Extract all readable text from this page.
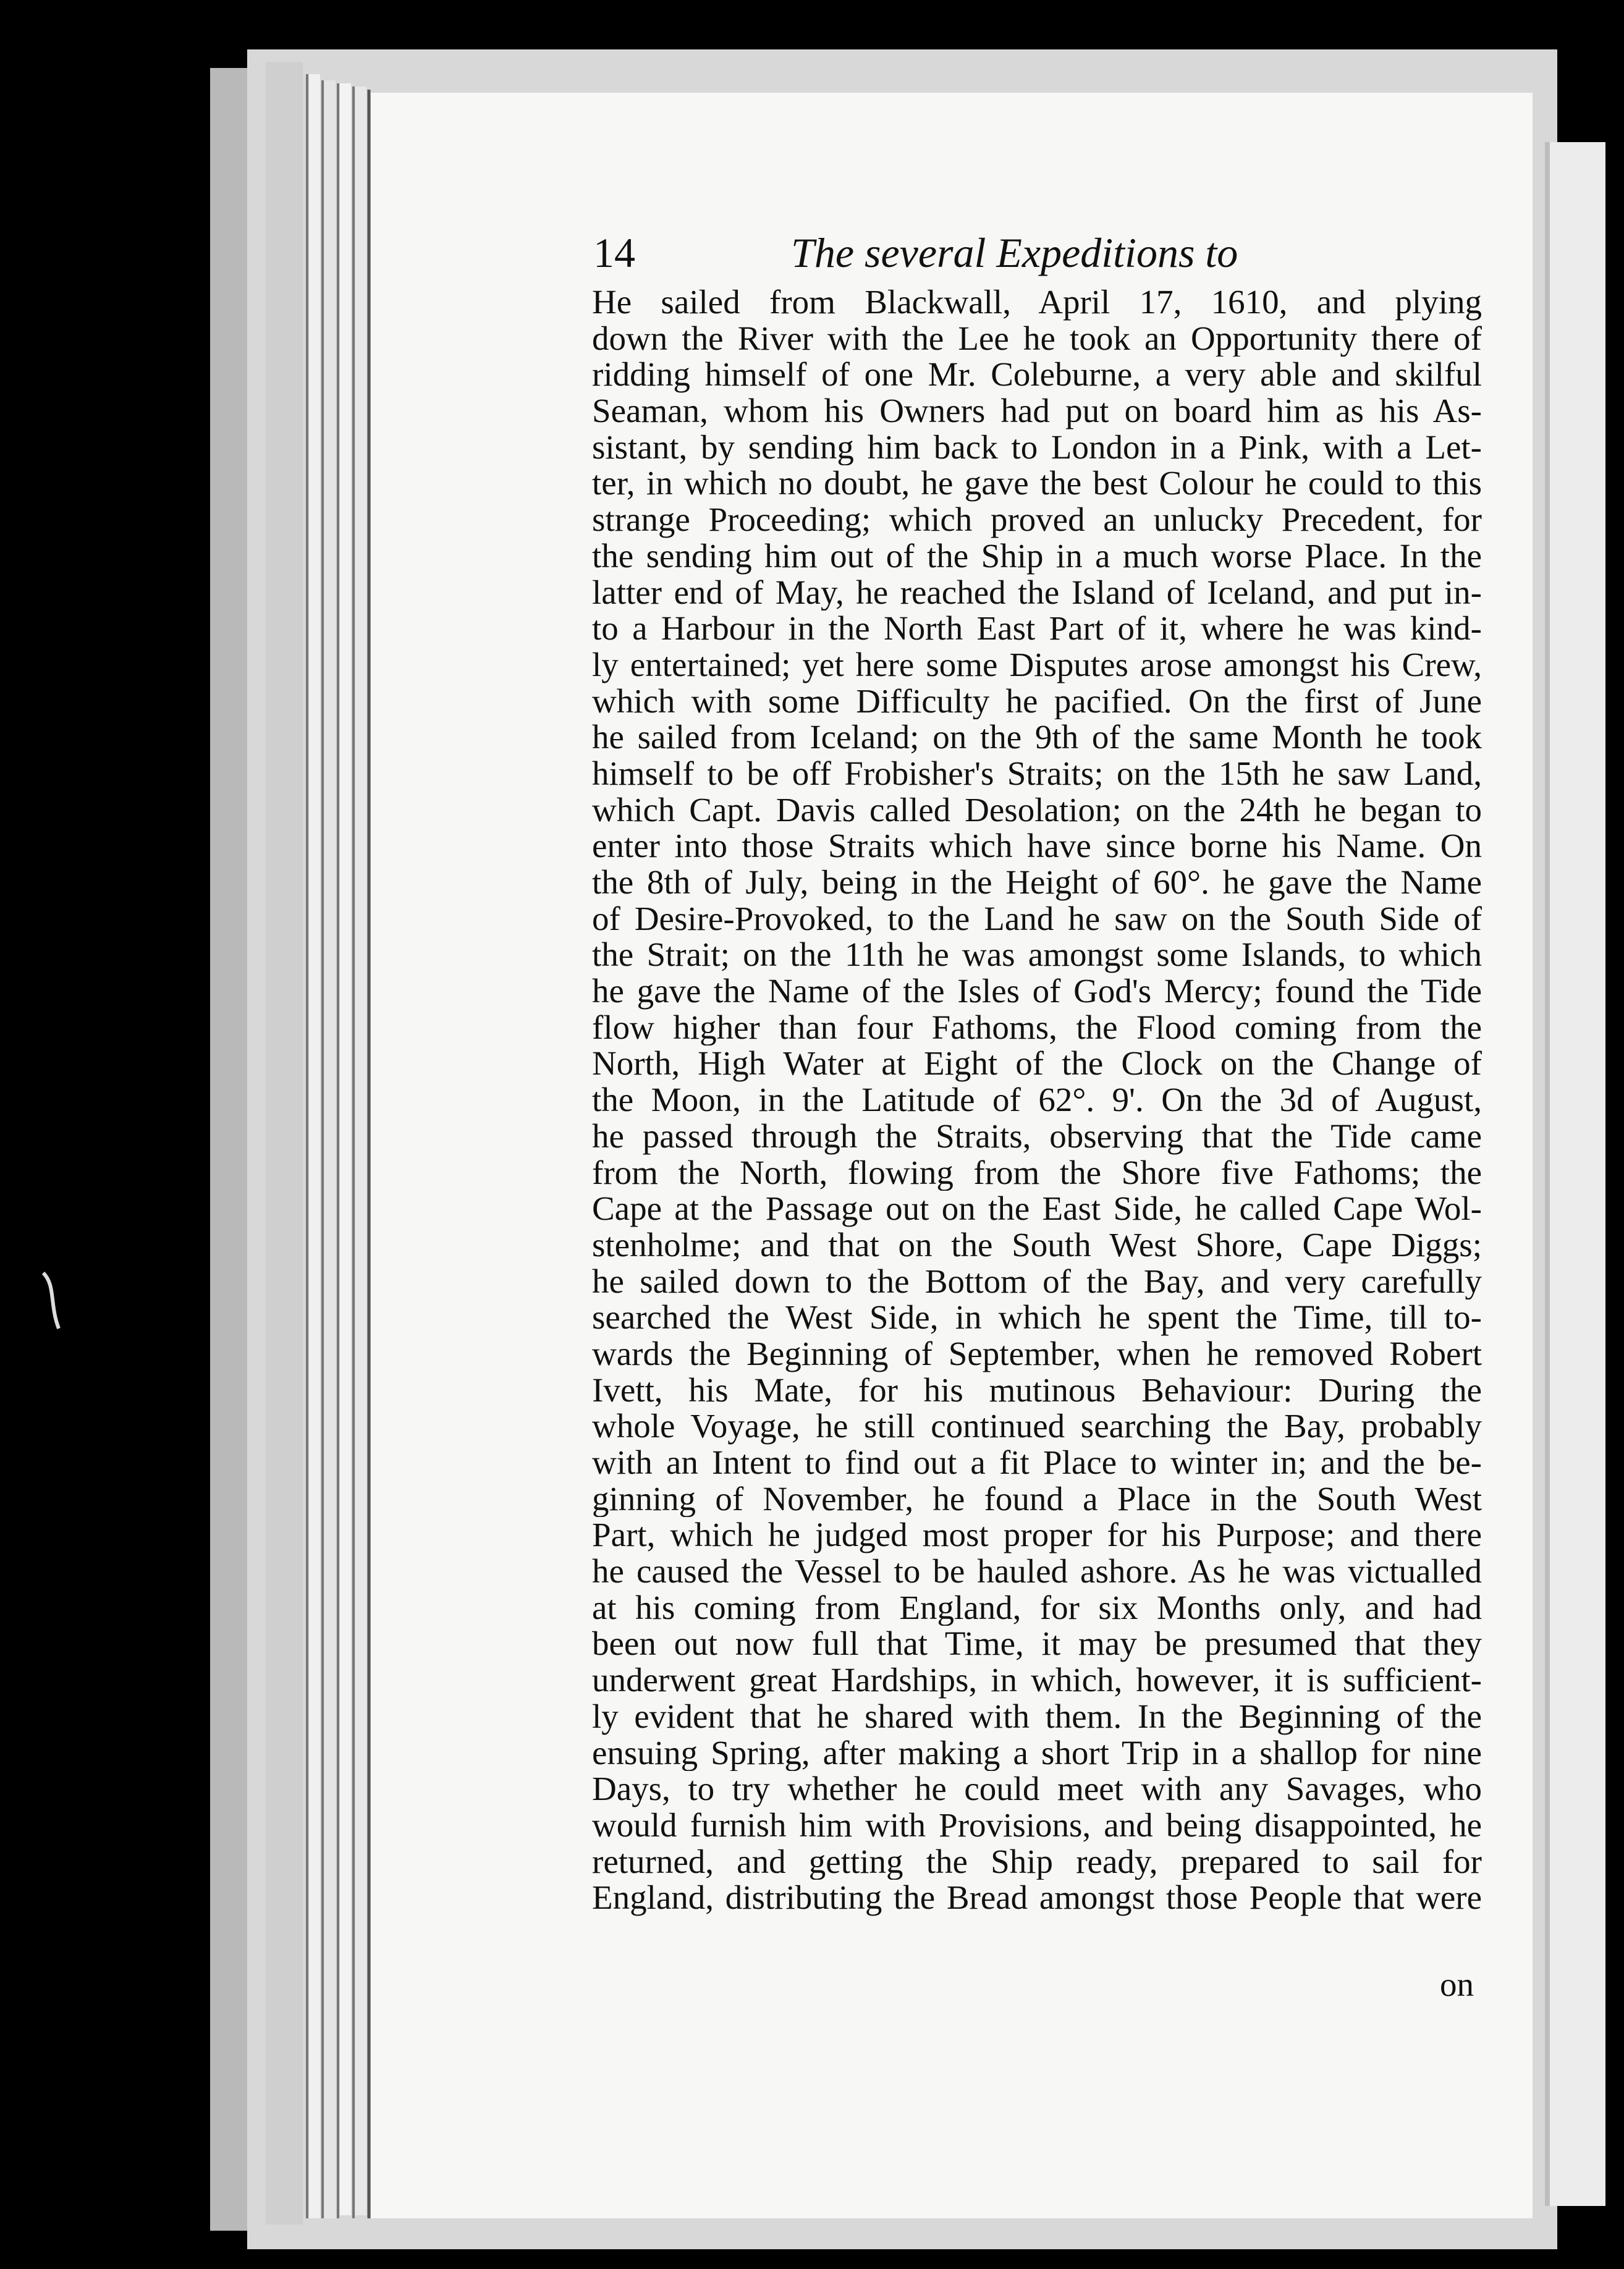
14	The several Expeditions to
He sailed from Blackwall, April 17, 1610, and plying
down the River with the Lee he took an Opportunity there of
ridding himself of one Mr. Coleburne, a very able and skilful
Seaman, whom his Owners had put on board him as his As-
sistant, by sending him back to London in a Pink, with a Let-
ter, in which no doubt, he gave the best Colour he could to this
strange Proceeding; which proved an unlucky Precedent, for
the sending him out of the Ship in a much worse Place. In the
latter end of May, he reached the Island of Iceland, and put in-
to a Harbour in the North East Part of it, where he was kind-
ly entertained; yet here some Disputes arose amongst his Crew,
which with some Difficulty he pacified. On the first of June
he sailed from Iceland; on the 9th of the same Month he took
himself to be off Frobisher's Straits; on the 15th he saw Land,
which Capt. Davis called Desolation; on the 24th he began to
enter into those Straits which have since borne his Name. On
the 8th of July, being in the Height of 60°. he gave the Name
of Desire-Provoked, to the Land he saw on the South Side of
the Strait; on the 11th he was amongst some Islands, to which
he gave the Name of the Isles of God's Mercy; found the Tide
flow higher than four Fathoms, the Flood coming from the
North, High Water at Eight of the Clock on the Change of
the Moon, in the Latitude of 62°. 9'. On the 3d of August,
he passed through the Straits, observing that the Tide came
from the North, flowing from the Shore five Fathoms; the
Cape at the Passage out on the East Side, he called Cape Wol-
stenholme; and that on the South West Shore, Cape Diggs;
he sailed down to the Bottom of the Bay, and very carefully
searched the West Side, in which he spent the Time, till to-
wards the Beginning of September, when he removed Robert
Ivett, his Mate, for his mutinous Behaviour: During the
whole Voyage, he still continued searching the Bay, probably
with an Intent to find out a fit Place to winter in; and the be-
ginning of November, he found a Place in the South West
Part, which he judged most proper for his Purpose; and there
he caused the Vessel to be hauled ashore. As he was victualled
at his coming from England, for six Months only, and had
been out now full that Time, it may be presumed that they
underwent great Hardships, in which, however, it is sufficient-
ly evident that he shared with them. In the Beginning of the
ensuing Spring, after making a short Trip in a shallop for nine
Days, to try whether he could meet with any Savages, who
would furnish him with Provisions, and being disappointed, he
returned, and getting the Ship ready, prepared to sail for
England, distributing the Bread amongst those People that were
on
